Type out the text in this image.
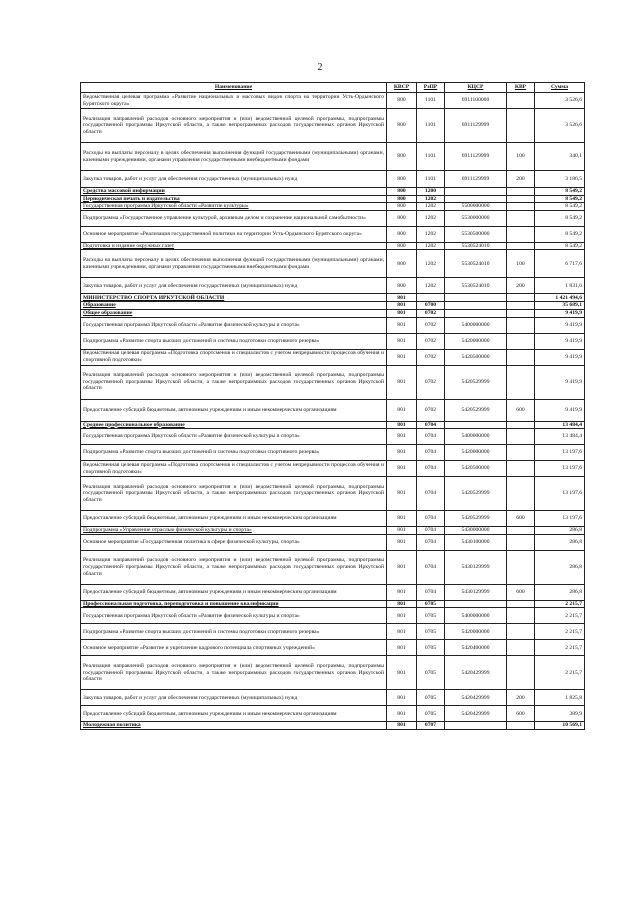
2
Наименование	КВСР	РзПР	КЦСР	КВР	Сумма
Ведомственная целевая программа «Развитие национальных и массовых видов спорта на территории Усть-Ордынского Бурятского округа»	800	1101	6911100000		3 526,6
Реализация направлений расходов основного мероприятия и (или) ведомственной целевой программы, подпрограммы государственной программы Иркутской области, а также непрограммных расходов государственных органов Иркутской области	800	1101	6911129999		3 526,6
Расходы на выплаты персоналу в целях обеспечения выполнения функций государственными (муниципальными) органами, казенными учреждениями, органами управления государственными внебюджетными фондами	800	1101	6911129999	100	340,1
Закупка товаров, работ и услуг для обеспечения государственных (муниципальных) нужд	800	1101	6911129999	200	3 186,5
Средства массовой информации	800	1200			8 549,2
Периодическая печать и издательства	800	1202			8 549,2
Государственная программа Иркутской области «Развитие культуры»	800	1202	5500000000		8 549,2
Подпрограмма «Государственное управление культурой, архивным делом и сохранение национальной самобытности»	800	1202	5530000000		8 549,2
Основное мероприятие «Реализация государственной политики на территории Усть-Ордынского Бурятского округа»	800	1202	5530500000		8 549,2
Подготовка и издание окружных газет	800	1202	5530524010		8 549,2
Расходы на выплаты персоналу в целях обеспечения выполнения функций государственными (муниципальными) органами, казенными учреждениями, органами управления государственными внебюджетными фондами	800	1202	5530524010	100	6 717,6
Закупка товаров, работ и услуг для обеспечения государственных (муниципальных) нужд	800	1202	5530524010	200	1 831,6
МИНИСТЕРСТВО СПОРТА ИРКУТСКОЙ ОБЛАСТИ	801				1 421 494,6
Образование	801	0700			35 689,1
Общее образование	801	0702			9 419,9
Государственная программа Иркутской области «Развитие физической культуры и спорта»	801	0702	5400000000		9 419,9
Подпрограмма «Развитие спорта высших достижений и системы подготовки спортивного резерва»	801	0702	5420000000		9 419,9
Ведомственная целевая программа «Подготовка спортсменов и специалистов с учетом непрерывности процессов обучения и спортивной подготовки»	801	0702	5420500000		9 419,9
Реализация направлений расходов основного мероприятия и (или) ведомственной целевой программы, подпрограммы государственной программы Иркутской области, а также непрограммных расходов государственных органов Иркутской области	801	0702	5420529999		9 419,9
Предоставление субсидий бюджетным, автономным учреждениям и иным некоммерческим организациям	801	0702	5420529999	600	9 419,9
Среднее профессиональное образование	801	0704			13 484,4
Государственная программа Иркутской области «Развитие физической культуры и спорта»	801	0704	5400000000		13 484,4
Подпрограмма «Развитие спорта высших достижений и системы подготовки спортивного резерва»	801	0704	5420000000		13 197,6
Ведомственная целевая программа «Подготовка спортсменов и специалистов с учетом непрерывности процессов обучения и спортивной подготовки»	801	0704	5420500000		13 197,6
Реализация направлений расходов основного мероприятия и (или) ведомственной целевой программы, подпрограммы государственной программы Иркутской области, а также непрограммных расходов государственных органов Иркутской области	801	0704	5420529999		13 197,6
Предоставление субсидий бюджетным, автономным учреждениям и иным некоммерческим организациям	801	0704	5420529999	600	13 197,6
Подпрограмма «Управление отраслью физической культуры и спорта»	801	0704	5430000000		286,8
Основное мероприятие «Государственная политика в сфере физической культуры, спорта»	801	0704	5430100000		286,8
Реализация направлений расходов основного мероприятия и (или) ведомственной целевой программы, подпрограммы государственной программы Иркутской области, а также непрограммных расходов государственных органов Иркутской области	801	0704	5430129999		286,8
Предоставление субсидий бюджетным, автономным учреждениям и иным некоммерческим организациям	801	0704	5430129999	600	286,8
Профессиональная подготовка, переподготовка и повышение квалификации	801	0705			2 215,7
Государственная программа Иркутской области «Развитие физической культуры и спорта»	801	0705	5400000000		2 215,7
Подпрограмма «Развитие спорта высших достижений и системы подготовки спортивного резерва»	801	0705	5420000000		2 215,7
Основное мероприятие «Развитие и укрепление кадрового потенциала спортивных учреждений»	801	0705	5420400000		2 215,7
Реализация направлений расходов основного мероприятия и (или) ведомственной целевой программы, подпрограммы государственной программы Иркутской области, а также непрограммных расходов государственных органов Иркутской области	801	0705	5420429999		2 215,7
Закупка товаров, работ и услуг для обеспечения государственных (муниципальных) нужд	801	0705	5420429999	200	1 825,8
Предоставление субсидий бюджетным, автономным учреждениям и иным некоммерческим организациям	801	0705	5420429999	600	389,9
Молодежная политика	801	0707			10 569,1
